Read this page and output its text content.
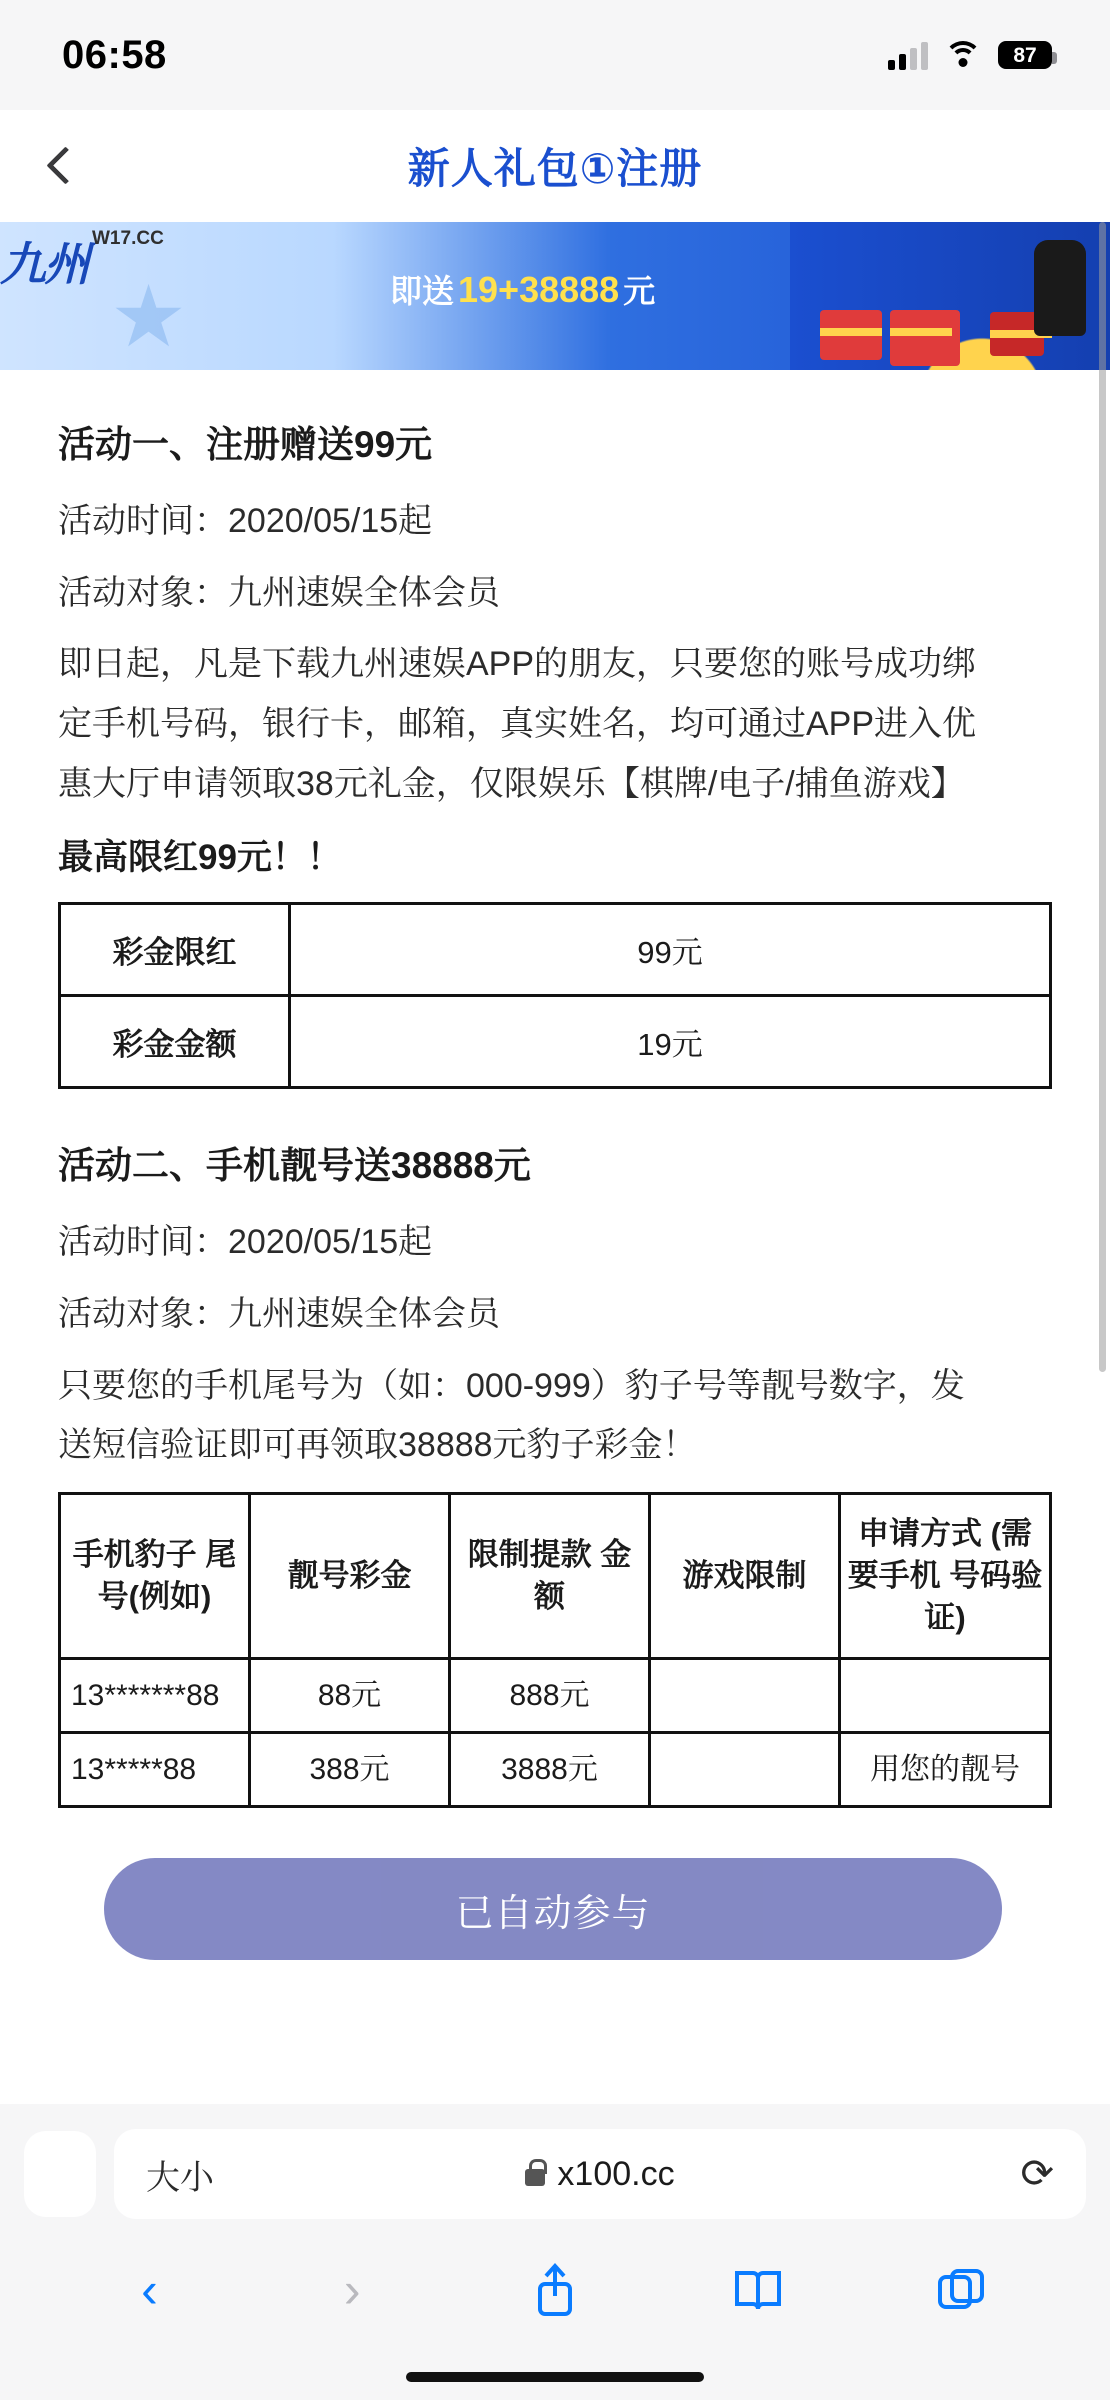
06:58	87
新人礼包①注册
九州 $^{W17.CC}$
★	即送 19+38888 元
活动一、注册赠送99元
活动时间：2020/05/15起
活动对象：九州速娱全体会员
即日起，凡是下载九州速娱APP的朋友，只要您的账号成功绑
定手机号码，银行卡，邮箱，真实姓名，均可通过APP进入优
惠大厅申请领取38元礼金，仅限娱乐【棋牌/电子/捕鱼游戏】
最高限红99元！！
彩金限红	99元
彩金金额	19元
活动二、手机靓号送38888元
活动时间：2020/05/15起
活动对象：九州速娱全体会员
只要您的手机尾号为（如：000-999）豹子号等靓号数字，发
送短信验证即可再领取38888元豹子彩金！
手机豹子 尾号(例如)	靓号彩金	限制提款 金额	游戏限制	申请方式 (需要手机 号码验证)
13*******88	88元	888元		
13*****88	388元	3888元		用您的靓号
已自动参与
大小	x100.cc	⟳
‹	›
